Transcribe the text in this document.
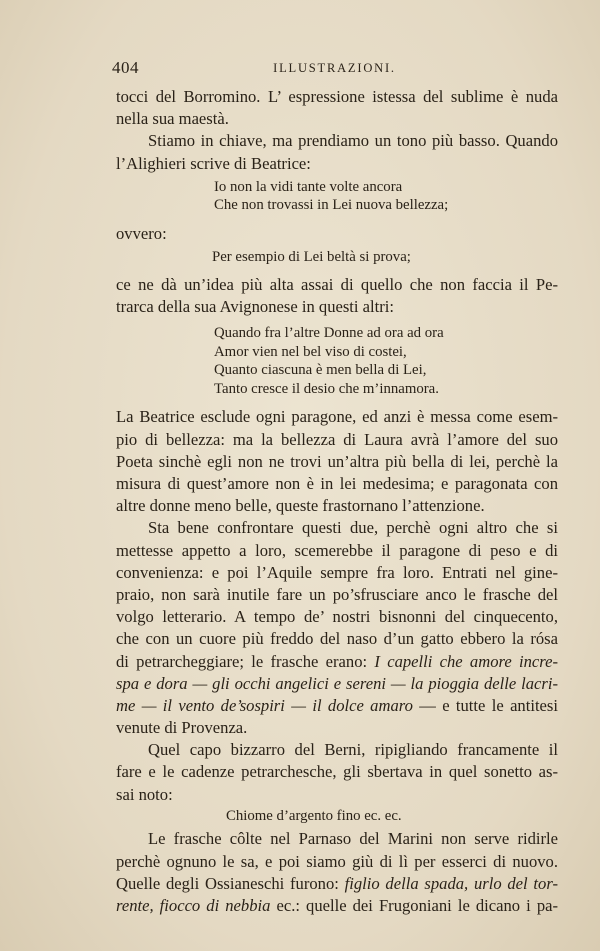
404	ILLUSTRAZIONI.
tocci del Borromino. L’ espressione istessa del sublime è nuda
nella sua maestà.
Stiamo in chiave, ma prendiamo un tono più basso. Quando
l’Alighieri scrive di Beatrice:
Io non la vidi tante volte ancora
Che non trovassi in Lei nuova bellezza;
ovvero:
Per esempio di Lei beltà si prova;
ce ne dà un’idea più alta assai di quello che non faccia il Pe-
trarca della sua Avignonese in questi altri:
Quando fra l’altre Donne ad ora ad ora
Amor vien nel bel viso di costei,
Quanto ciascuna è men bella di Lei,
Tanto cresce il desio che m’innamora.
La Beatrice esclude ogni paragone, ed anzi è messa come esem-
pio di bellezza: ma la bellezza di Laura avrà l’amore del suo
Poeta sinchè egli non ne trovi un’altra più bella di lei, perchè la
misura di quest’amore non è in lei medesima; e paragonata con
altre donne meno belle, queste frastornano l’attenzione.
Sta bene confrontare questi due, perchè ogni altro che si
mettesse appetto a loro, scemerebbe il paragone di peso e di
convenienza: e poi l’Aquile sempre fra loro. Entrati nel gine-
praio, non sarà inutile fare un po’sfrusciare anco le frasche del
volgo letterario. A tempo de’ nostri bisnonni del cinquecento,
che con un cuore più freddo del naso d’un gatto ebbero la rósa
di petrarcheggiare; le frasche erano: I capelli che amore incre-
spa e dora — gli occhi angelici e sereni — la pioggia delle lacri-
me — il vento de’sospiri — il dolce amaro — e tutte le antitesi
venute di Provenza.
Quel capo bizzarro del Berni, ripigliando francamente il
fare e le cadenze petrarchesche, gli sbertava in quel sonetto as-
sai noto:
Chiome d’argento fino ec. ec.
Le frasche côlte nel Parnaso del Marini non serve ridirle
perchè ognuno le sa, e poi siamo giù di lì per esserci di nuovo.
Quelle degli Ossianeschi furono: figlio della spada, urlo del tor-
rente, fiocco di nebbia ec.: quelle dei Frugoniani le dicano i pa-
